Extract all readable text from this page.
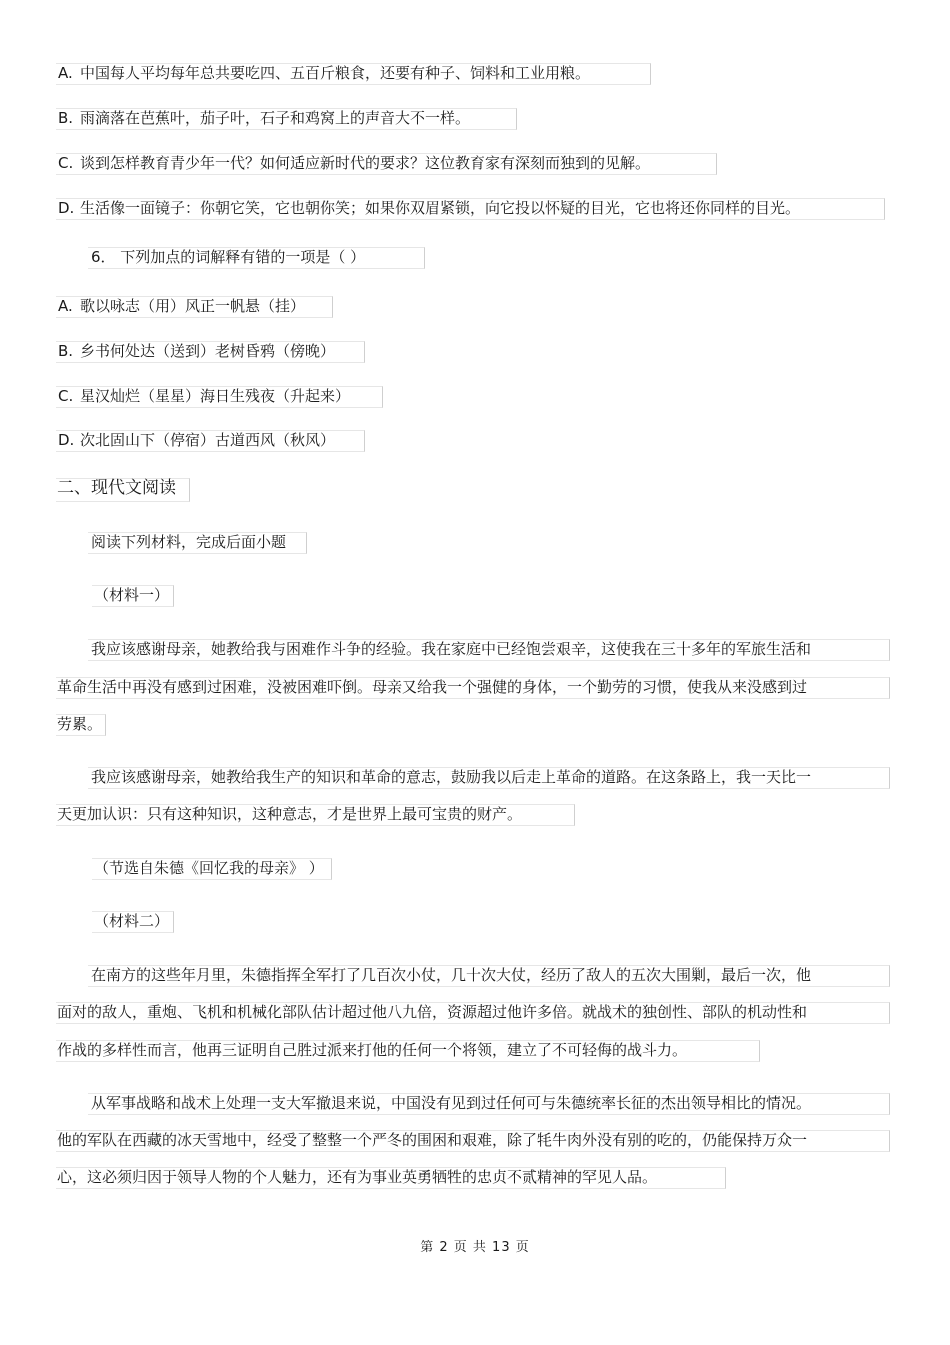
A. 中国每人平均每年总共要吃四、五百斤粮食，还要有种子、饲料和工业用粮。
B. 雨滴落在芭蕉叶，茄子叶，石子和鸡窝上的声音大不一样。
C. 谈到怎样教育青少年一代？如何适应新时代的要求？这位教育家有深刻而独到的见解。
D. 生活像一面镜子：你朝它笑，它也朝你笑；如果你双眉紧锁，向它投以怀疑的目光，它也将还你同样的目光。
6． 下列加点的词解释有错的一项是（ ）
A. 歌以咏志（用）风正一帆悬（挂）
B. 乡书何处达（送到）老树昏鸦（傍晚）
C. 星汉灿烂（星星）海日生残夜（升起来）
D. 次北固山下（停宿）古道西风（秋风）
二、现代文阅读
阅读下列材料，完成后面小题
（材料一）
我应该感谢母亲，她教给我与困难作斗争的经验。我在家庭中已经饱尝艰辛，这使我在三十多年的军旅生活和
革命生活中再没有感到过困难，没被困难吓倒。母亲又给我一个强健的身体，一个勤劳的习惯，使我从来没感到过
劳累。
我应该感谢母亲，她教给我生产的知识和革命的意志，鼓励我以后走上革命的道路。在这条路上，我一天比一
天更加认识：只有这种知识，这种意志，才是世界上最可宝贵的财产。
（节选自朱德《回忆我的母亲》 ）
（材料二）
在南方的这些年月里，朱德指挥全军打了几百次小仗，几十次大仗，经历了敌人的五次大围剿，最后一次，他
面对的敌人，重炮、飞机和机械化部队估计超过他八九倍，资源超过他许多倍。就战术的独创性、部队的机动性和
作战的多样性而言，他再三证明自己胜过派来打他的任何一个将领，建立了不可轻侮的战斗力。
从军事战略和战术上处理一支大军撤退来说，中国没有见到过任何可与朱德统率长征的杰出领导相比的情况。
他的军队在西藏的冰天雪地中，经受了整整一个严冬的围困和艰难，除了牦牛肉外没有别的吃的，仍能保持万众一
心，这必须归因于领导人物的个人魅力，还有为事业英勇牺牲的忠贞不贰精神的罕见人品。
第 2 页 共 13 页
